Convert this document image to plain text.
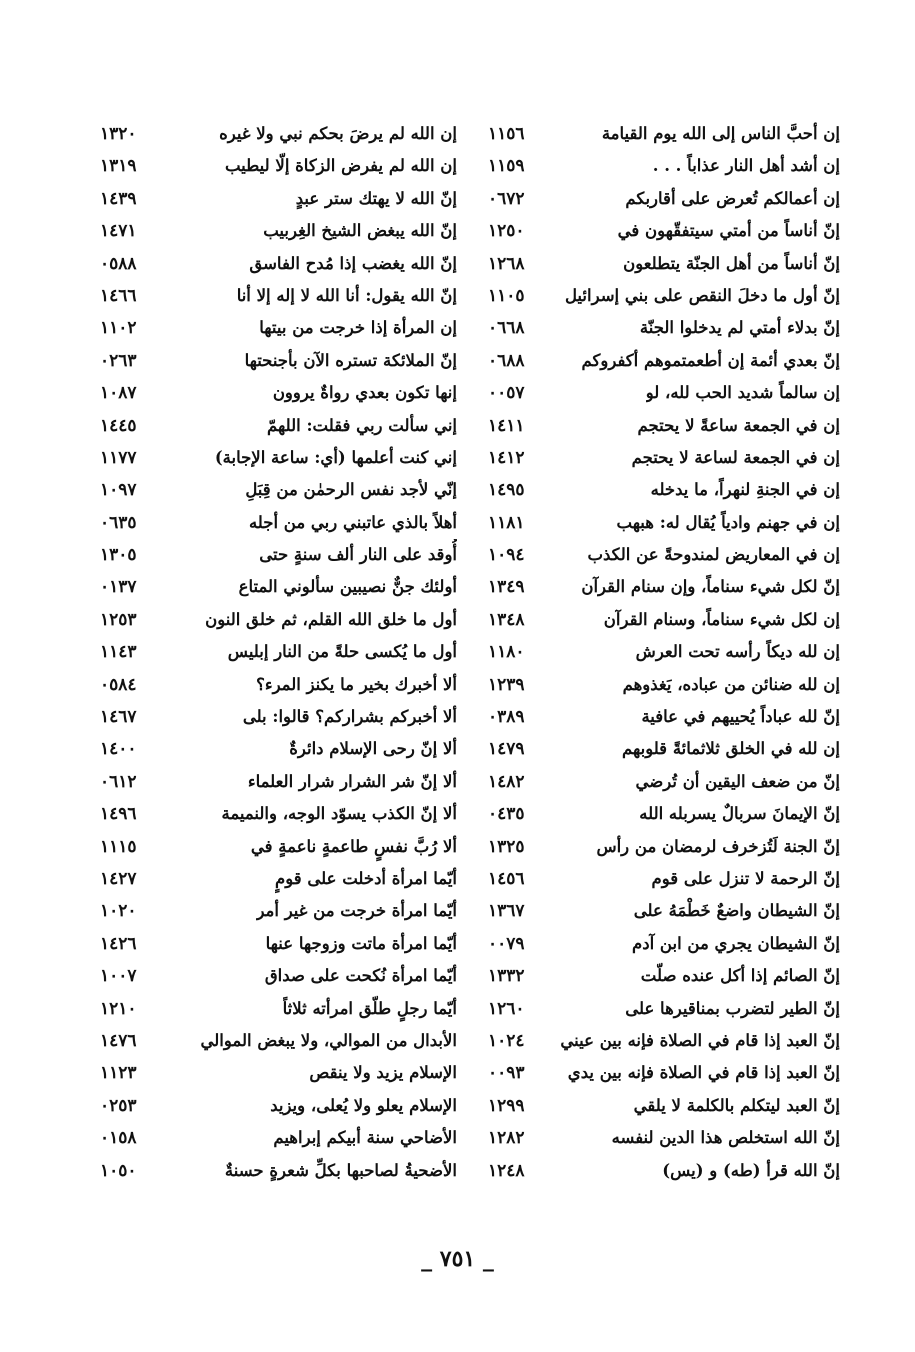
إن أحبَّ الناس إلى الله يوم القيامة
١١٥٦
إن أشد أهل النار عذاباً . . .
١١٥٩
إن أعمالكم تُعرض على أقاربكم
٠٦٧٢
إنّ أناساً من أمتي سيتفقّهون في
١٢٥٠
إنّ أناساً من أهل الجنّة يتطلعون
١٢٦٨
إنّ أول ما دخلَ النقص على بني إسرائيل
١١٠٥
إنّ بدلاء أمتي لم يدخلوا الجنّة
٠٦٦٨
إنّ بعدي أئمة إن أطعمتموهم أكفروكم
٠٦٨٨
إن سالماً شديد الحب لله، لو
٠٠٥٧
إن في الجمعة ساعةً لا يحتجم
١٤١١
إن في الجمعة لساعة لا يحتجم
١٤١٢
إن في الجنةِ لنهراً، ما يدخله
١٤٩٥
إن في جهنم وادياً يُقال له: هبهب
١١٨١
إن في المعاريض لمندوحةً عن الكذب
١٠٩٤
إنّ لكل شيء سناماً، وإن سنام القرآن
١٣٤٩
إن لكل شيء سناماً، وسنام القرآن
١٣٤٨
إن لله ديكاً رأسه تحت العرش
١١٨٠
إن لله ضنائن من عباده، يَغذوهم
١٢٣٩
إنّ لله عباداً يُحييهم في عافية
٠٣٨٩
إن لله في الخلق ثلاثمائةً قلوبهم
١٤٧٩
إنّ من ضعف اليقين أن تُرضي
١٤٨٢
إنّ الإيمانَ سربالٌ يسربله الله
٠٤٣٥
إنّ الجنة لَتُزخرف لرمضان من رأس
١٣٢٥
إنّ الرحمة لا تنزل على قوم
١٤٥٦
إنّ الشيطان واضعٌ خَطْمَهُ على
١٣٦٧
إنّ الشيطان يجري من ابن آدم
٠٠٧٩
إنّ الصائم إذا أكل عنده صلّت
١٣٣٢
إنّ الطير لتضرب بمناقيرها على
١٢٦٠
إنّ العبد إذا قام في الصلاة فإنه بين عيني
١٠٢٤
إنّ العبد إذا قام في الصلاة فإنه بين يدي
٠٠٩٣
إنّ العبد ليتكلم بالكلمة لا يلقي
١٢٩٩
إنّ الله استخلص هذا الدين لنفسه
١٢٨٢
إنّ الله قرأ (طه) و (يس)
١٢٤٨
إن الله لم يرضَ بحكم نبي ولا غيره
١٣٢٠
إن الله لم يفرض الزكاة إلّا ليطيب
١٣١٩
إنّ الله لا يهتك ستر عبدٍ
١٤٣٩
إنّ الله يبغض الشيخ الغِربيب
١٤٧١
إنّ الله يغضب إذا مُدح الفاسق
٠٥٨٨
إنّ الله يقول: أنا الله لا إله إلا أنا
١٤٦٦
إن المرأة إذا خرجت من بيتها
١١٠٢
إنّ الملائكة تستره الآن بأجنحتها
٠٢٦٣
إنها تكون بعدي رواةٌ يروون
١٠٨٧
إني سألت ربي فقلت: اللهمّ
١٤٤٥
إني كنت أعلمها (أي: ساعة الإجابة)
١١٧٧
إنّي لأجد نفس الرحمٰن من قِبَلِ
١٠٩٧
أهلاً بالذي عاتبني ربي من أجله
٠٦٣٥
أُوقد على النار ألف سنةٍ حتى
١٣٠٥
أولئك جنٌّ نصيبين سألوني المتاع
٠١٣٧
أول ما خلق الله القلم، ثم خلق النون
١٢٥٣
أول ما يُكسى حلةً من النار إبليس
١١٤٣
ألا أخبرك بخير ما يكنز المرء؟
٠٥٨٤
ألا أخبركم بشراركم؟ قالوا: بلى
١٤٦٧
ألا إنّ رحى الإسلام دائرةٌ
١٤٠٠
ألا إنّ شر الشرار شرار العلماء
٠٦١٢
ألا إنّ الكذب يسوّد الوجه، والنميمة
١٤٩٦
ألا رُبَّ نفسٍ طاعمةٍ ناعمةٍ في
١١١٥
أيّما امرأة أدخلت على قومٍ
١٤٢٧
أيّما امرأة خرجت من غير أمر
١٠٢٠
أيّما امرأة ماتت وزوجها عنها
١٤٢٦
أيّما امرأة نُكحت على صداق
١٠٠٧
أيّما رجلٍ طلّق امرأته ثلاثاً
١٢١٠
الأبدال من الموالي، ولا يبغض الموالي
١٤٧٦
الإسلام يزيد ولا ينقص
١١٢٣
الإسلام يعلو ولا يُعلى، ويزيد
٠٢٥٣
الأضاحي سنة أبيكم إبراهيم
٠١٥٨
الأضحيةُ لصاحبها بكلِّ شعرةٍ حسنةٌ
١٠٥٠
_ ٧٥١ _
